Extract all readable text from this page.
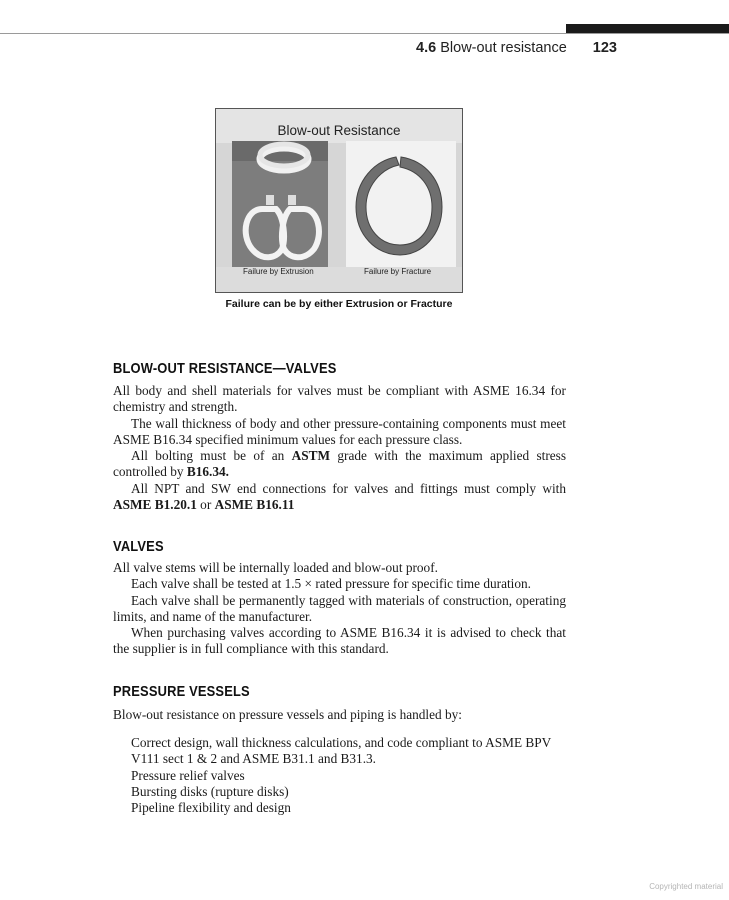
4.6 Blow-out resistance 123
Blow-out Resistance
Failure by Extrusion	Failure by Fracture
Failure can be by either Extrusion or Fracture
BLOW-OUT RESISTANCE—VALVES

All body and shell materials for valves must be compliant with ASME 16.34 for chemistry and strength.

The wall thickness of body and other pressure-containing components must meet ASME B16.34 specified minimum values for each pressure class.

All bolting must be of an ASTM grade with the maximum applied stress controlled by B16.34.

All NPT and SW end connections for valves and fittings must comply with ASME B1.20.1 or ASME B16.11

VALVES

All valve stems will be internally loaded and blow-out proof.

Each valve shall be tested at 1.5 × rated pressure for specific time duration.

Each valve shall be permanently tagged with materials of construction, operating limits, and name of the manufacturer.

When purchasing valves according to ASME B16.34 it is advised to check that the supplier is in full compliance with this standard.

PRESSURE VESSELS

Blow-out resistance on pressure vessels and piping is handled by:

Correct design, wall thickness calculations, and code compliant to ASME BPV V111 sect 1 & 2 and ASME B31.1 and B31.3.

Pressure relief valves

Bursting disks (rupture disks)

Pipeline flexibility and design

Copyrighted material
